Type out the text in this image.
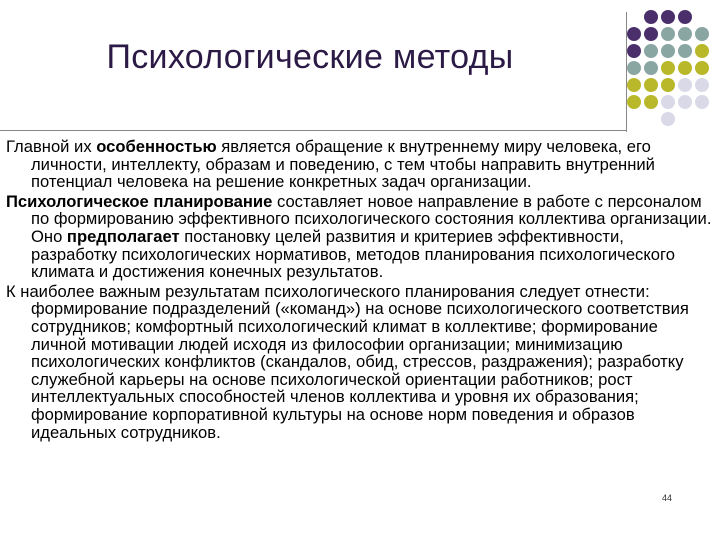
Психологические методы

Главной их особенностью является обращение к внутреннему миру человека, его личности, интеллекту, образам и поведению, с тем чтобы направить внутренний потенциал человека на решение конкретных задач организации.

Психологическое планирование составляет новое направление в работе с персоналом по формированию эффективного психологического состояния коллектива организации. Оно предполагает постановку целей развития и критериев эффективности, разработку психологических нормативов, методов планирования психологического климата и достижения конечных результатов.

К наиболее важным результатам психологического планирования следует отнести: формирование подразделений («команд») на основе психологического соответствия сотрудников; комфортный психологический климат в коллективе; формирование личной мотивации людей исходя из философии организации; минимизацию психологических конфликтов (скандалов, обид, стрессов, раздражения); разработку служебной карьеры на основе психологической ориентации работников; рост интеллектуальных способностей членов коллектива и уровня их образования; формирование корпоративной культуры на основе норм поведения и образов идеальных сотрудников.

44
